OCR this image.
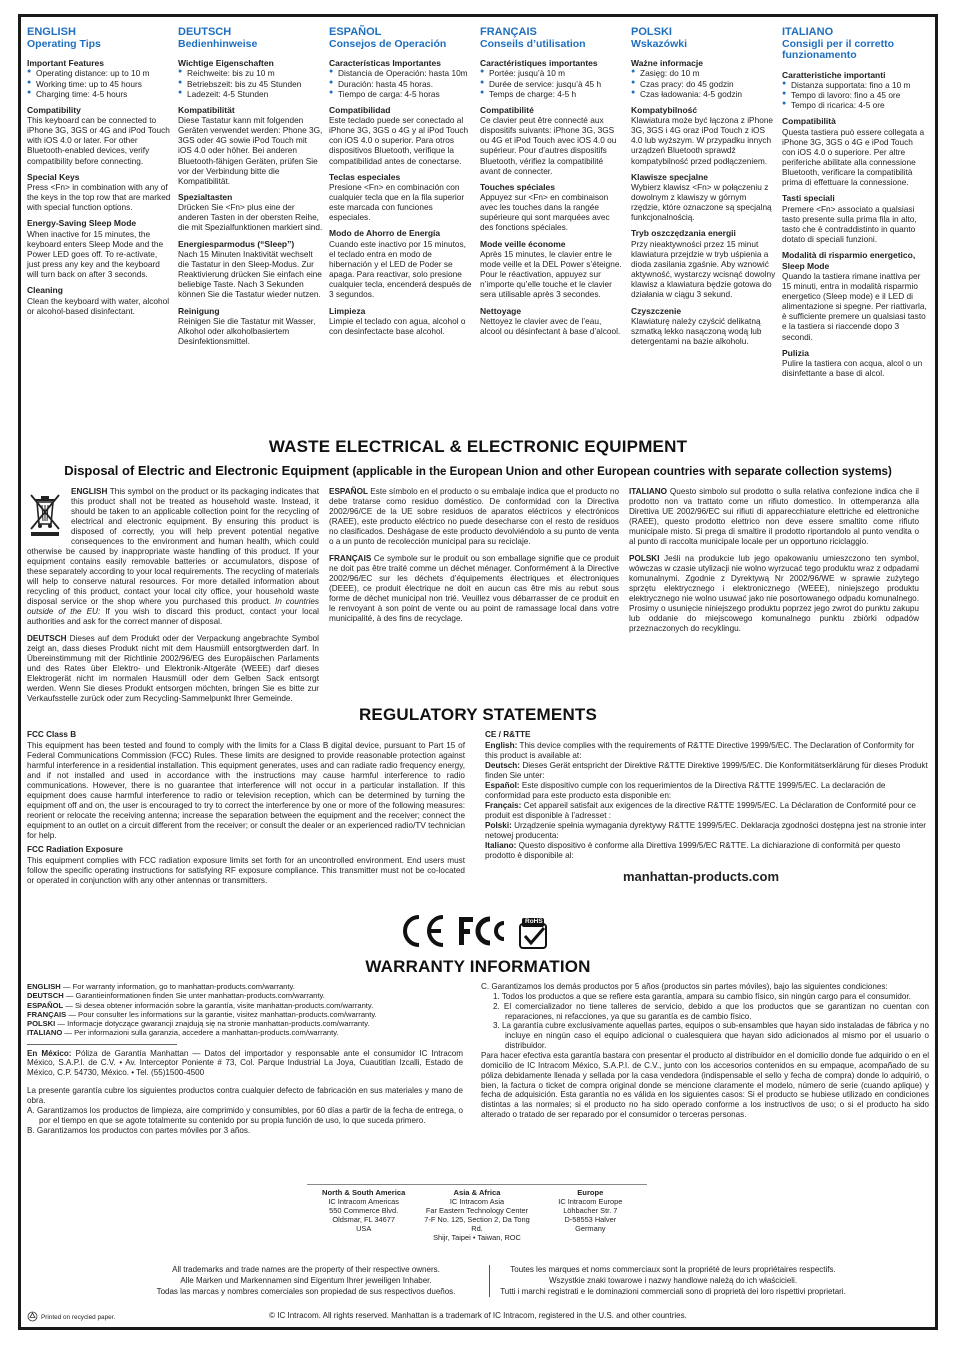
ENGLISH
Operating Tips
Important Features
● Operating distance: up to 10 m
● Working time: up to 45 hours
● Charging time: 4-5 hours
Compatibility
This keyboard can be connected to iPhone 3G, 3GS or 4G and iPod Touch with iOS 4.0 or later. For other Bluetooth-enabled devices, verify compatibility before connecting.
Special Keys
Press <Fn> in combination with any of the keys in the top row that are marked with special function options.
Energy-Saving Sleep Mode
When inactive for 15 minutes, the keyboard enters Sleep Mode and the Power LED goes off. To re-activate, just press any key and the keyboard will turn back on after 3 seconds.
Cleaning
Clean the keyboard with water, alcohol or alcohol-based disinfectant.
DEUTSCH
Bedienhinweise
Wichtige Eigenschaften
● Reichweite: bis zu 10 m
● Betriebszeit: bis zu 45 Stunden
● Ladezeit: 4-5 Stunden
Kompatibilität
Diese Tastatur kann mit folgenden Geräten verwendet werden: Phone 3G, 3GS oder 4G sowie iPod Touch mit iOS 4.0 oder höher. Bei anderen Bluetooth-fähigen Geräten, prüfen Sie vor der Verbindung bitte die Kompatibilität.
Spezialtasten
Drücken Sie <Fn> plus eine der anderen Tasten in der obersten Reihe, die mit Spezialfunktionen markiert sind.
Energiesparmodus (“Sleep”)
Nach 15 Minuten Inaktivität wechselt die Tastatur in den Sleep-Modus. Zur Reaktivierung drücken Sie einfach eine beliebige Taste. Nach 3 Sekunden können Sie die Tastatur wieder nutzen.
Reinigung
Reinigen Sie die Tastatur mit Wasser, Alkohol oder alkoholbasiertem Desinfektionsmittel.
ESPAÑOL
Consejos de Operación
Características Importantes
● Distancia de Operación: hasta 10m
● Duración: hasta 45 horas.
● Tiempo de carga: 4-5 horas
Compatibilidad
Este teclado puede ser conectado al iPhone 3G, 3GS o 4G y al iPod Touch con iOS 4.0 o superior. Para otros dispositivos Bluetooth, verifique la compatibilidad antes de conectarse.
Teclas especiales
Presione <Fn> en combinación con cualquier tecla que en la fila superior este marcada con funciones especiales.
Modo de Ahorro de Energía
Cuando este inactivo por 15 minutos, el teclado entra en modo de hibernación y el LED de Poder se apaga. Para reactivar, solo presione cualquier tecla, encenderá después de 3 segundos.
Limpieza
Limpie el teclado con agua, alcohol o con desinfectacte base alcohol.
FRANÇAIS
Conseils d’utilisation
Caractéristiques importantes
● Portée: jusqu’à 10 m
● Durée de service: jusqu’à 45 h
● Temps de charge: 4-5 h
Compatibilité
Ce clavier peut être connecté aux dispositifs suivants: iPhone 3G, 3GS ou 4G et iPod Touch avec iOS 4.0 ou supérieur. Pour d’autres dispositifs Bluetooth, vérifiez la compatibilité avant de connecter.
Touches spéciales
Appuyez sur <Fn> en combinaison avec les touches dans la rangée supérieure qui sont marquées avec des fonctions spéciales.
Mode veille économe
Après 15 minutes, le clavier entre le mode veille et la DEL Power s’éteigne. Pour le réactivation, appuyez sur n’importe qu’elle touche et le clavier sera utilisable après 3 secondes.
Nettoyage
Nettoyez le clavier avec de l’eau, alcool ou désinfectant à base d’alcool.
POLSKI
Wskazówki
Ważne informacje
● Zasięg: do 10 m
● Czas pracy: do 45 godzin
● Czas ładowania: 4-5 godzin
Kompatybilność
Klawiatura może być łączona z iPhone 3G, 3GS i 4G oraz iPod Touch z iOS 4.0 lub wyższym. W przypadku innych urządzeń Bluetooth sprawdź kompatybilność przed podłączeniem.
Klawisze specjalne
Wybierz klawisz <Fn> w połączeniu z dowolnym z klawiszy w górnym rzędzie, które oznaczone są specjalną funkcjonalnością.
Tryb oszczędzania energii
Przy nieaktywności przez 15 minut klawiatura przejdzie w tryb uśpienia a dioda zasilania zgaśnie. Aby wznowić aktywność, wystarczy wcisnąć dowolny klawisz a klawiatura będzie gotowa do działania w ciągu 3 sekund.
Czyszczenie
Klawiaturę należy czyścić delikatną szmatką lekko nasączoną wodą lub detergentami na bazie alkoholu.
ITALIANO
Consigli per il corretto funzionamento
Caratteristiche importanti
● Distanza supportata: fino a 10 m
● Tempo di lavoro: fino a 45 ore
● Tempo di ricarica: 4-5 ore
Compatibilità
Questa tastiera può essere collegata a iPhone 3G, 3GS o 4G e iPod Touch con iOS 4.0 o superiore. Per altre periferiche abilitate alla connessione Bluetooth, verificare la compatibilità prima di effettuare la connessione.
Tasti speciali
Premere <Fn> associato a qualsiasi tasto presente sulla prima fila in alto, tasto che è contraddistinto in quanto dotato di speciali funzioni.
Modalità di risparmio energetico, Sleep Mode
Quando la tastiera rimane inattiva per 15 minuti, entra in modalità risparmio energetico (Sleep mode) e il LED di alimentazione si spegne. Per riattivarla, è sufficiente premere un qualsiasi tasto e la tastiera si riaccende dopo 3 secondi.
Pulizia
Pulire la tastiera con acqua, alcol o un disinfettante a base di alcol.
WASTE ELECTRICAL & ELECTRONIC EQUIPMENT
Disposal of Electric and Electronic Equipment (applicable in the European Union and other European countries with separate collection systems)

ENGLISH This symbol on the product or its packaging indicates that this product shall not be treated as household waste. Instead, it should be taken to an applicable collection point for the recycling of electrical and electronic equipment. By ensuring this product is disposed of correctly, you will help prevent potential negative consequences to the environment and human health, which could otherwise be caused by inappropriate waste handling of this product. If your equipment contains easily removable batteries or accumulators, dispose of these separately according to your local requirements. The recycling of materials will help to conserve natural resources. For more detailed information about recycling of this product, contact your local city office, your household waste disposal service or the shop where you purchased this product. In countries outside of the EU: If you wish to discard this product, contact your local authorities and ask for the correct manner of disposal.

DEUTSCH Dieses auf dem Produkt oder der Verpackung angebrachte Symbol zeigt an, dass dieses Produkt nicht mit dem Hausmüll entsorgtwerden darf. In Übereinstimmung mit der Richtlinie 2002/96/EG des Europäischen Parlaments und des Rates über Elektro- und Elektronik-Altgeräte (WEEE) darf dieses Elektrogerät nicht im normalen Hausmüll oder dem Gelben Sack entsorgt werden. Wenn Sie dieses Produkt entsorgen möchten, bringen Sie es bitte zur Verkaufsstelle zurück oder zum Recycling-Sammelpunkt Ihrer Gemeinde.

ESPAÑOL Este símbolo en el producto o su embalaje indica que el producto no debe tratarse como residuo doméstico. De conformidad con la Directiva 2002/96/CE de la UE sobre residuos de aparatos eléctricos y electrónicos (RAEE), este producto eléctrico no puede desecharse con el resto de residuos no clasificados. Deshágase de este producto devolviéndolo a su punto de venta o a un punto de recolección municipal para su reciclaje.

FRANÇAIS Ce symbole sur le produit ou son emballage signifie que ce produit ne doit pas être traité comme un déchet ménager. Conformément à la Directive 2002/96/EC sur les déchets d’équipements électriques et électroniques (DEEE), ce produit électrique ne doit en aucun cas être mis au rebut sous forme de déchet municipal non trié. Veuillez vous débarrasser de ce produit en le renvoyant à son point de vente ou au point de ramassage local dans votre municipalité, à des fins de recyclage.

ITALIANO Questo simbolo sul prodotto o sulla relativa confezione indica che il prodotto non va trattato come un rifiuto domestico. In ottemperanza alla Direttiva UE 2002/96/EC sui rifiuti di apparecchiature elettriche ed elettroniche (RAEE), questo prodotto elettrico non deve essere smaltito come rifiuto municipale misto. Si prega di smaltire il prodotto riportandolo al punto vendita o al punto di raccolta municipale locale per un opportuno riciclaggio.

POLSKI Jeśli na produkcie lub jego opakowaniu umieszczono ten symbol, wówczas w czasie utylizacji nie wolno wyrzucać tego produktu wraz z odpadami komunalnymi. Zgodnie z Dyrektywą Nr 2002/96/WE w sprawie zużytego sprzętu elektrycznego i elektronicznego (WEEE), niniejszego produktu elektrycznego nie wolno usuwać jako nie posortowanego odpadu komunalnego. Prosimy o usunięcie niniejszego produktu poprzez jego zwrot do punktu zakupu lub oddanie do miejscowego komunalnego punktu zbiórki odpadów przeznaczonych do recyklingu.

REGULATORY STATEMENTS
FCC Class B

This equipment has been tested and found to comply with the limits for a Class B digital device, pursuant to Part 15 of Federal Communications Commission (FCC) Rules. These limits are designed to provide reasonable protection against harmful interference in a residential installation. This equipment generates, uses and can radiate radio frequency energy, and if not installed and used in accordance with the instructions may cause harmful interference to radio communications. However, there is no guarantee that interference will not occur in a particular installation. If this equipment does cause harmful interference to radio or television reception, which can be determined by turning the equipment off and on, the user is encouraged to try to correct the interference by one or more of the following measures: reorient or relocate the receiving antenna; increase the separation between the equipment and the receiver; connect the equipment to an outlet on a circuit different from the receiver; or consult the dealer or an experienced radio/TV technician for help.

FCC Radiation Exposure

This equipment complies with FCC radiation exposure limits set forth for an uncontrolled environment. End users must follow the specific operating instructions for satisfying RF exposure compliance. This transmitter must not be co-located or operated in conjunction with any other antennas or transmitters.

CE / R&TTE
English: This device complies with the requirements of R&TTE Directive 1999/5/EC. The Declaration of Conformity for this product is available at:
Deutsch: Dieses Gerät entspricht der Direktive R&TTE Direktive 1999/5/EC. Die Konformitätserklärung für dieses Produkt finden Sie unter:
Español: Este dispositivo cumple con los requerimientos de la Directiva R&TTE 1999/5/EC. La declaración de conformidad para este producto esta disponible en:
Français: Cet appareil satisfait aux exigences de la directive R&TTE 1999/5/EC. La Déclaration de Conformité pour ce produit est disponible à l’adresset :
Polski: Urządzenie spełnia wymagania dyrektywy R&TTE 1999/5/EC. Deklaracja zgodności dostępna jest na stronie inter netowej producenta:
Italiano: Questo dispositivo è conforme alla Direttiva 1999/5/EC R&TTE. La dichiarazione di conformità per questo prodotto è disponibile al:
manhattan-products.com
RoHS
WARRANTY INFORMATION
ENGLISH — For warranty information, go to manhattan-products.com/warranty.
DEUTSCH — Garantieinformationen finden Sie unter manhattan-products.com/warranty.
ESPAÑOL — Si desea obtener información sobre la garantía, visite manhattan-products.com/warranty.
FRANÇAIS — Pour consulter les informations sur la garantie, visitez manhattan-products.com/warranty.
POLSKI — Informacje dotyczące gwarancji znajdują się na stronie manhattan-products.com/warranty.
ITALIANO — Per informazioni sulla garanzia, accedere a manhattan-products.com/warranty.

En México: Póliza de Garantía Manhattan — Datos del importador y responsable ante el consumidor IC Intracom México, S.A.P.I. de C.V. • Av. Interceptor Poniente # 73, Col. Parque Industrial La Joya, Cuautitlan Izcalli, Estado de México, C.P. 54730, México. • Tel. (55)1500-4500

La presente garantía cubre los siguientes productos contra cualquier defecto de fabricación en sus materiales y mano de obra.

A. Garantizamos los productos de limpieza, aire comprimido y consumibles, por 60 días a partir de la fecha de entrega, o por el tiempo en que se agote totalmente su contenido por su propia función de uso, lo que suceda primero.

B. Garantizamos los productos con partes móviles por 3 años.

C. Garantizamos los demás productos por 5 años (productos sin partes móviles), bajo las siguientes condiciones:

1. Todos los productos a que se refiere esta garantía, ampara su cambio físico, sin ningún cargo para el consumidor.

2. El comercializador no tiene talleres de servicio, debido a que los productos que se garantizan no cuentan con reparaciones, ni refacciones, ya que su garantía es de cambio físico.

3. La garantía cubre exclusivamente aquellas partes, equipos o sub-ensambles que hayan sido instaladas de fábrica y no incluye en ningún caso el equipo adicional o cualesquiera que hayan sido adicionados al mismo por el usuario o distribuidor.

Para hacer efectiva esta garantía bastara con presentar el producto al distribuidor en el domicilio donde fue adquirido o en el domicilio de IC Intracom México, S.A.P.I. de C.V., junto con los accesorios contenidos en su empaque, acompañado de su póliza debidamente llenada y sellada por la casa vendedora (indispensable el sello y fecha de compra) donde lo adquirió, o bien, la factura o ticket de compra original donde se mencione claramente el modelo, número de serie (cuando aplique) y fecha de adquisición. Esta garantía no es válida en los siguientes casos: Si el producto se hubiese utilizado en condiciones distintas a las normales; si el producto no ha sido operado conforme a los instructivos de uso; o si el producto ha sido alterado o tratado de ser reparado por el consumidor o terceras personas.

North & South America
IC Intracom Americas
550 Commerce Blvd.
Oldsmar, FL 34677
USA
Asia & Africa
IC Intracom Asia
Far Eastern Technology Center
7-F No. 125, Section 2, Da Tong Rd.
Shijr, Taipei • Taiwan, ROC
Europe
IC Intracom Europe
Löhbacher Str. 7
D-58553 Halver
Germany
All trademarks and trade names are the property of their respective owners.
Alle Marken und Markennamen sind Eigentum Ihrer jeweiligen Inhaber.
Todas las marcas y nombres comerciales son propiedad de sus respectivos dueños.
Toutes les marques et noms commerciaux sont la propriété de leurs propriétaires respectifs.
Wszystkie znaki towarowe i nazwy handlowe należą do ich właścicieli.
Tutti i marchi registrati e le dominazioni commerciali sono di proprietà dei loro rispettivi proprietari.
Printed on recycled paper.	© IC Intracom. All rights reserved. Manhattan is a trademark of IC Intracom, registered in the U.S. and other countries.
